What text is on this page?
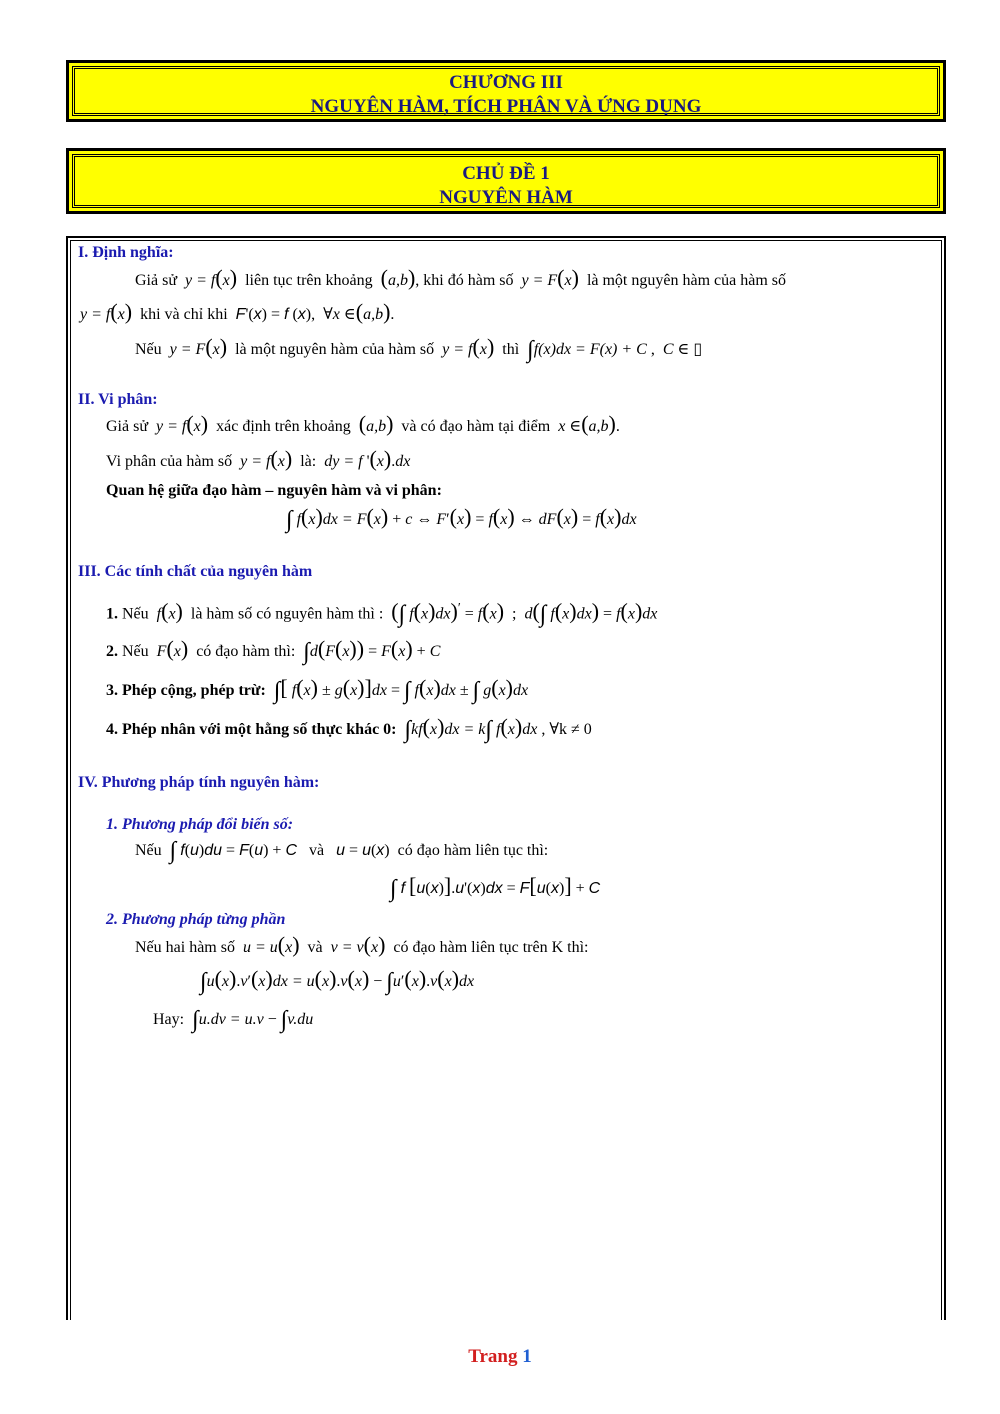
CHƯƠNG III
NGUYÊN HÀM, TÍCH PHÂN VÀ ỨNG DỤNG
CHỦ ĐỀ 1
NGUYÊN HÀM
I. Định nghĩa:
Giả sử y = f(x) liên tục trên khoảng (a,b), khi đó hàm số y = F(x) là một nguyên hàm của hàm số
y = f(x) khi và chỉ khi F'(x) = f (x),  ∀x ∈(a,b).
Nếu y = F(x) là một nguyên hàm của hàm số y = f(x) thì ∫f(x)dx = F(x) + C ,  C ∈ ▯
II. Vi phân:
Giả sử y = f(x) xác định trên khoảng (a,b) và có đạo hàm tại điểm x ∈(a,b).
Vi phân của hàm số y = f(x) là: dy = f '(x).dx
Quan hệ giữa đạo hàm – nguyên hàm và vi phân:
∫ f(x)dx = F(x) + c ⇔ F′(x) = f(x) ⇔ dF(x) = f(x)dx
III. Các tính chất của nguyên hàm
1. Nếu f(x) là hàm số có nguyên hàm thì : (∫ f(x)dx)′ = f(x)  ;  d(∫ f(x)dx) = f(x)dx
2. Nếu F(x) có đạo hàm thì: ∫d(F(x)) = F(x) + C
3. Phép cộng, phép trừ: ∫[ f(x) ± g(x)]dx = ∫ f(x)dx ± ∫ g(x)dx
4. Phép nhân với một hằng số thực khác 0: ∫kf(x)dx = k∫ f(x)dx , ∀k ≠ 0
IV. Phương pháp tính nguyên hàm:
1. Phương pháp đổi biến số:
Nếu ∫ f(u)du = F(u) + C và u = u(x)  có đạo hàm liên tục thì:
∫ f [u(x)].u'(x)dx = F[u(x)] + C
2. Phương pháp từng phần
Nếu hai hàm số u = u(x) và v = v(x) có đạo hàm liên tục trên K thì:
∫u(x).v′(x)dx = u(x).v(x) − ∫u′(x).v(x)dx
Hay: ∫u.dv = u.v − ∫v.du
Trang 1
